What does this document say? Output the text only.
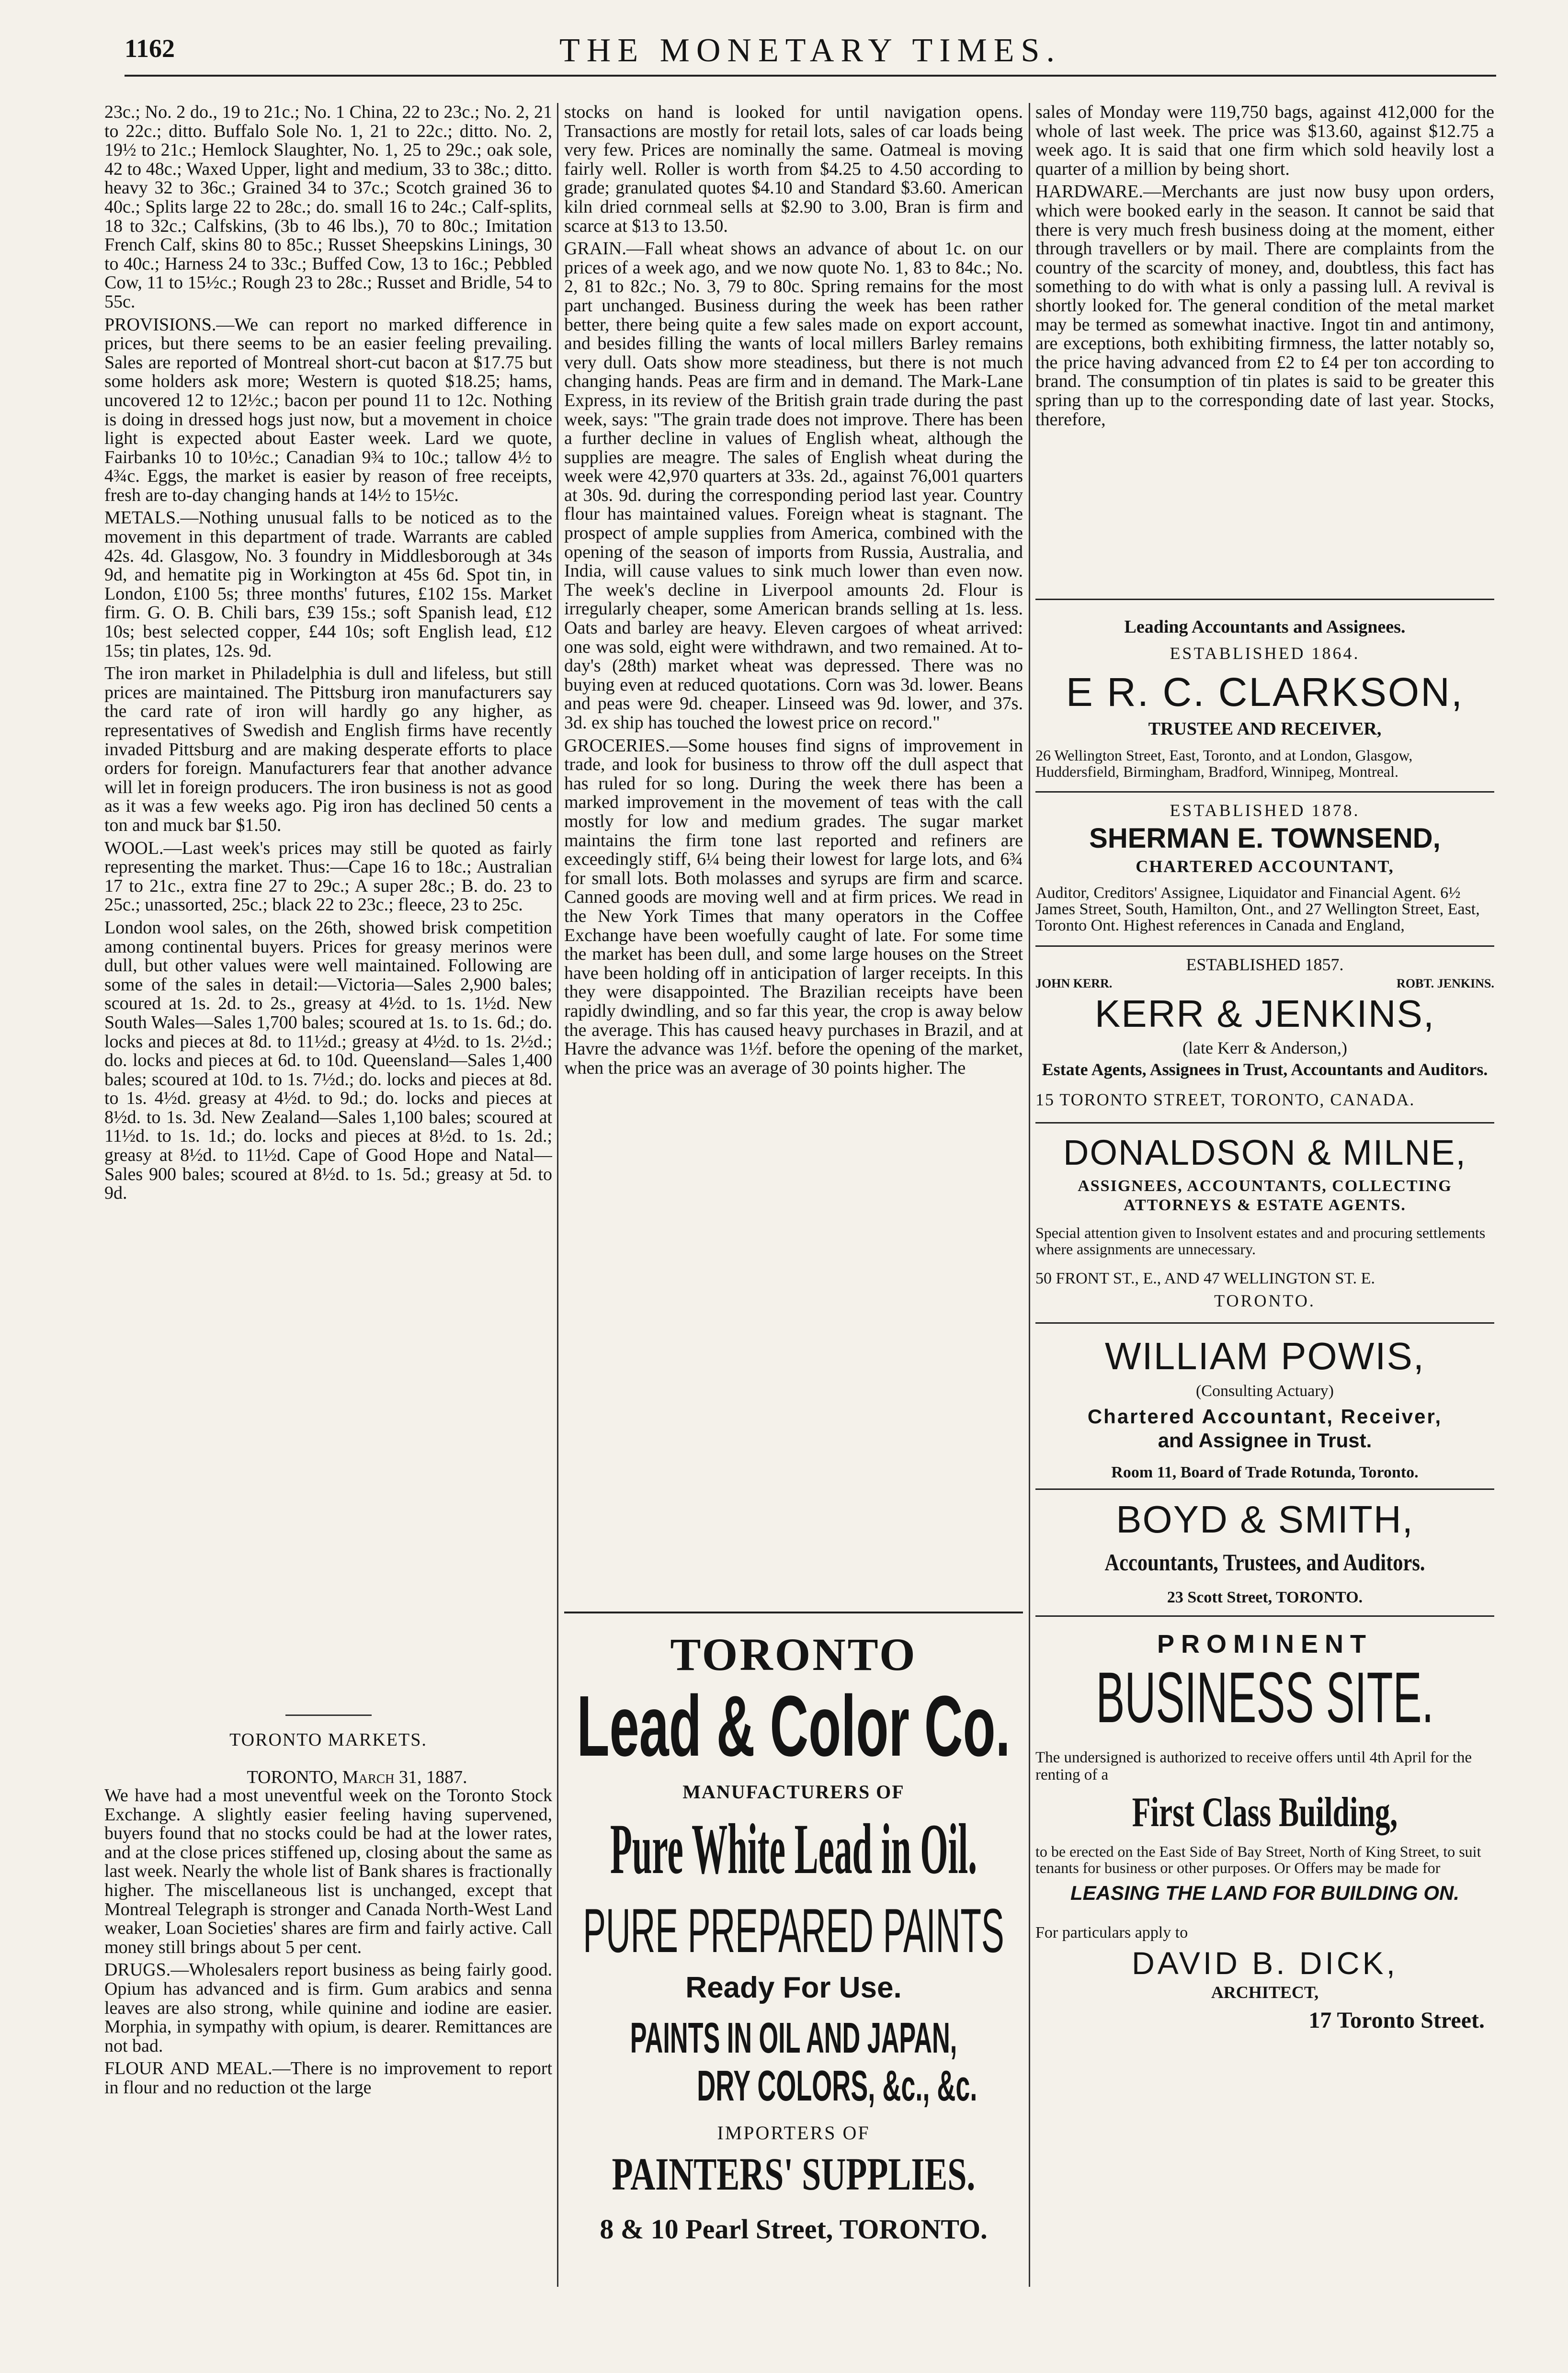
1162	THE MONETARY TIMES.

23c.; No. 2 do., 19 to 21c.; No. 1 China, 22 to 23c.; No. 2, 21 to 22c.; ditto. Buffalo Sole No. 1, 21 to 22c.; ditto. No. 2, 19½ to 21c.; Hemlock Slaughter, No. 1, 25 to 29c.; oak sole, 42 to 48c.; Waxed Upper, light and medium, 33 to 38c.; ditto. heavy 32 to 36c.; Grained 34 to 37c.; Scotch grained 36 to 40c.; Splits large 22 to 28c.; do. small 16 to 24c.; Calf-splits, 18 to 32c.; Calfskins, (3b to 46 lbs.), 70 to 80c.; Imitation French Calf, skins 80 to 85c.; Russet Sheepskins Linings, 30 to 40c.; Harness 24 to 33c.; Buffed Cow, 13 to 16c.; Pebbled Cow, 11 to 15½c.; Rough 23 to 28c.; Russet and Bridle, 54 to 55c.

PROVISIONS.—We can report no marked difference in prices, but there seems to be an easier feeling prevailing. Sales are reported of Montreal short-cut bacon at $17.75 but some holders ask more; Western is quoted $18.25; hams, uncovered 12 to 12½c.; bacon per pound 11 to 12c. Nothing is doing in dressed hogs just now, but a movement in choice light is expected about Easter week. Lard we quote, Fairbanks 10 to 10½c.; Canadian 9¾ to 10c.; tallow 4½ to 4¾c. Eggs, the market is easier by reason of free receipts, fresh are to-day changing hands at 14½ to 15½c.

METALS.—Nothing unusual falls to be noticed as to the movement in this department of trade. Warrants are cabled 42s. 4d. Glasgow, No. 3 foundry in Middlesborough at 34s 9d, and hematite pig in Workington at 45s 6d. Spot tin, in London, £100 5s; three months' futures, £102 15s. Market firm. G. O. B. Chili bars, £39 15s.; soft Spanish lead, £12 10s; best selected copper, £44 10s; soft English lead, £12 15s; tin plates, 12s. 9d.

The iron market in Philadelphia is dull and lifeless, but still prices are maintained. The Pittsburg iron manufacturers say the card rate of iron will hardly go any higher, as representatives of Swedish and English firms have recently invaded Pittsburg and are making desperate efforts to place orders for foreign. Manufacturers fear that another advance will let in foreign producers. The iron business is not as good as it was a few weeks ago. Pig iron has declined 50 cents a ton and muck bar $1.50.

WOOL.—Last week's prices may still be quoted as fairly representing the market. Thus:—Cape 16 to 18c.; Australian 17 to 21c., extra fine 27 to 29c.; A super 28c.; B. do. 23 to 25c.; unassorted, 25c.; black 22 to 23c.; fleece, 23 to 25c.

London wool sales, on the 26th, showed brisk competition among continental buyers. Prices for greasy merinos were dull, but other values were well maintained. Following are some of the sales in detail:—Victoria—Sales 2,900 bales; scoured at 1s. 2d. to 2s., greasy at 4½d. to 1s. 1½d. New South Wales—Sales 1,700 bales; scoured at 1s. to 1s. 6d.; do. locks and pieces at 8d. to 11½d.; greasy at 4½d. to 1s. 2½d.; do. locks and pieces at 6d. to 10d. Queensland—Sales 1,400 bales; scoured at 10d. to 1s. 7½d.; do. locks and pieces at 8d. to 1s. 4½d. greasy at 4½d. to 9d.; do. locks and pieces at 8½d. to 1s. 3d. New Zealand—Sales 1,100 bales; scoured at 11½d. to 1s. 1d.; do. locks and pieces at 8½d. to 1s. 2d.; greasy at 8½d. to 11½d. Cape of Good Hope and Natal—Sales 900 bales; scoured at 8½d. to 1s. 5d.; greasy at 5d. to 9d.

TORONTO MARKETS.
TORONTO, March 31, 1887.

We have had a most uneventful week on the Toronto Stock Exchange. A slightly easier feeling having supervened, buyers found that no stocks could be had at the lower rates, and at the close prices stiffened up, closing about the same as last week. Nearly the whole list of Bank shares is fractionally higher. The miscellaneous list is unchanged, except that Montreal Telegraph is stronger and Canada North-West Land weaker, Loan Societies' shares are firm and fairly active. Call money still brings about 5 per cent.

DRUGS.—Wholesalers report business as being fairly good. Opium has advanced and is firm. Gum arabics and senna leaves are also strong, while quinine and iodine are easier. Morphia, in sympathy with opium, is dearer. Remittances are not bad.

FLOUR AND MEAL.—There is no improvement to report in flour and no reduction ot the large

stocks on hand is looked for until navigation opens. Transactions are mostly for retail lots, sales of car loads being very few. Prices are nominally the same. Oatmeal is moving fairly well. Roller is worth from $4.25 to 4.50 according to grade; granulated quotes $4.10 and Standard $3.60. American kiln dried cornmeal sells at $2.90 to 3.00, Bran is firm and scarce at $13 to 13.50.

GRAIN.—Fall wheat shows an advance of about 1c. on our prices of a week ago, and we now quote No. 1, 83 to 84c.; No. 2, 81 to 82c.; No. 3, 79 to 80c. Spring remains for the most part unchanged. Business during the week has been rather better, there being quite a few sales made on export account, and besides filling the wants of local millers Barley remains very dull. Oats show more steadiness, but there is not much changing hands. Peas are firm and in demand. The Mark-Lane Express, in its review of the British grain trade during the past week, says: "The grain trade does not improve. There has been a further decline in values of English wheat, although the supplies are meagre. The sales of English wheat during the week were 42,970 quarters at 33s. 2d., against 76,001 quarters at 30s. 9d. during the corresponding period last year. Country flour has maintained values. Foreign wheat is stagnant. The prospect of ample supplies from America, combined with the opening of the season of imports from Russia, Australia, and India, will cause values to sink much lower than even now. The week's decline in Liverpool amounts 2d. Flour is irregularly cheaper, some American brands selling at 1s. less. Oats and barley are heavy. Eleven cargoes of wheat arrived: one was sold, eight were withdrawn, and two remained. At to-day's (28th) market wheat was depressed. There was no buying even at reduced quotations. Corn was 3d. lower. Beans and peas were 9d. cheaper. Linseed was 9d. lower, and 37s. 3d. ex ship has touched the lowest price on record."

GROCERIES.—Some houses find signs of improvement in trade, and look for business to throw off the dull aspect that has ruled for so long. During the week there has been a marked improvement in the movement of teas with the call mostly for low and medium grades. The sugar market maintains the firm tone last reported and refiners are exceedingly stiff, 6¼ being their lowest for large lots, and 6¾ for small lots. Both molasses and syrups are firm and scarce. Canned goods are moving well and at firm prices. We read in the New York Times that many operators in the Coffee Exchange have been woefully caught of late. For some time the market has been dull, and some large houses on the Street have been holding off in anticipation of larger receipts. In this they were disappointed. The Brazilian receipts have been rapidly dwindling, and so far this year, the crop is away below the average. This has caused heavy purchases in Brazil, and at Havre the advance was 1½f. before the opening of the market, when the price was an average of 30 points higher. The

TORONTO
Lead & Color Co.
MANUFACTURERS OF
Pure White Lead in Oil.
PURE PREPARED PAINTS
Ready For Use.
PAINTS IN OIL AND JAPAN,
DRY COLORS, &c., &c.
IMPORTERS OF
PAINTERS' SUPPLIES.
8 & 10 Pearl Street, TORONTO.

sales of Monday were 119,750 bags, against 412,000 for the whole of last week. The price was $13.60, against $12.75 a week ago. It is said that one firm which sold heavily lost a quarter of a million by being short.

HARDWARE.—Merchants are just now busy upon orders, which were booked early in the season. It cannot be said that there is very much fresh business doing at the moment, either through travellers or by mail. There are complaints from the country of the scarcity of money, and, doubtless, this fact has something to do with what is only a passing lull. A revival is shortly looked for. The general condition of the metal market may be termed as somewhat inactive. Ingot tin and antimony, are exceptions, both exhibiting firmness, the latter notably so, the price having advanced from £2 to £4 per ton according to brand. The consumption of tin plates is said to be greater this spring than up to the corresponding date of last year. Stocks, therefore,

Leading Accountants and Assignees.
ESTABLISHED 1864.
E R. C. CLARKSON,
TRUSTEE AND RECEIVER,
26 Wellington Street, East, Toronto, and at London, Glasgow, Huddersfield, Birmingham, Bradford, Winnipeg, Montreal.
ESTABLISHED 1878.
SHERMAN E. TOWNSEND,
CHARTERED ACCOUNTANT,
Auditor, Creditors' Assignee, Liquidator and Financial Agent. 6½ James Street, South, Hamilton, Ont., and 27 Wellington Street, East, Toronto Ont. Highest references in Canada and England,
ESTABLISHED 1857.
JOHN KERR.	ROBT. JENKINS.
KERR & JENKINS,
(late Kerr & Anderson,)
Estate Agents, Assignees in Trust, Accountants and Auditors.
15 TORONTO STREET, TORONTO, CANADA.
DONALDSON & MILNE,
ASSIGNEES, ACCOUNTANTS, COLLECTING ATTORNEYS & ESTATE AGENTS.
Special attention given to Insolvent estates and and procuring settlements where assignments are unnecessary.
50 FRONT ST., E., AND 47 WELLINGTON ST. E.
TORONTO.
WILLIAM POWIS,
(Consulting Actuary)
Chartered Accountant, Receiver,
and Assignee in Trust.
Room 11, Board of Trade Rotunda, Toronto.
BOYD & SMITH,
Accountants, Trustees, and Auditors.
23 Scott Street, TORONTO.
PROMINENT
BUSINESS SITE.
The undersigned is authorized to receive offers until 4th April for the renting of a
First Class Building,
to be erected on the East Side of Bay Street, North of King Street, to suit tenants for business or other purposes. Or Offers may be made for
LEASING THE LAND FOR BUILDING ON.
For particulars apply to
DAVID B. DICK,
ARCHITECT,
17 Toronto Street.
